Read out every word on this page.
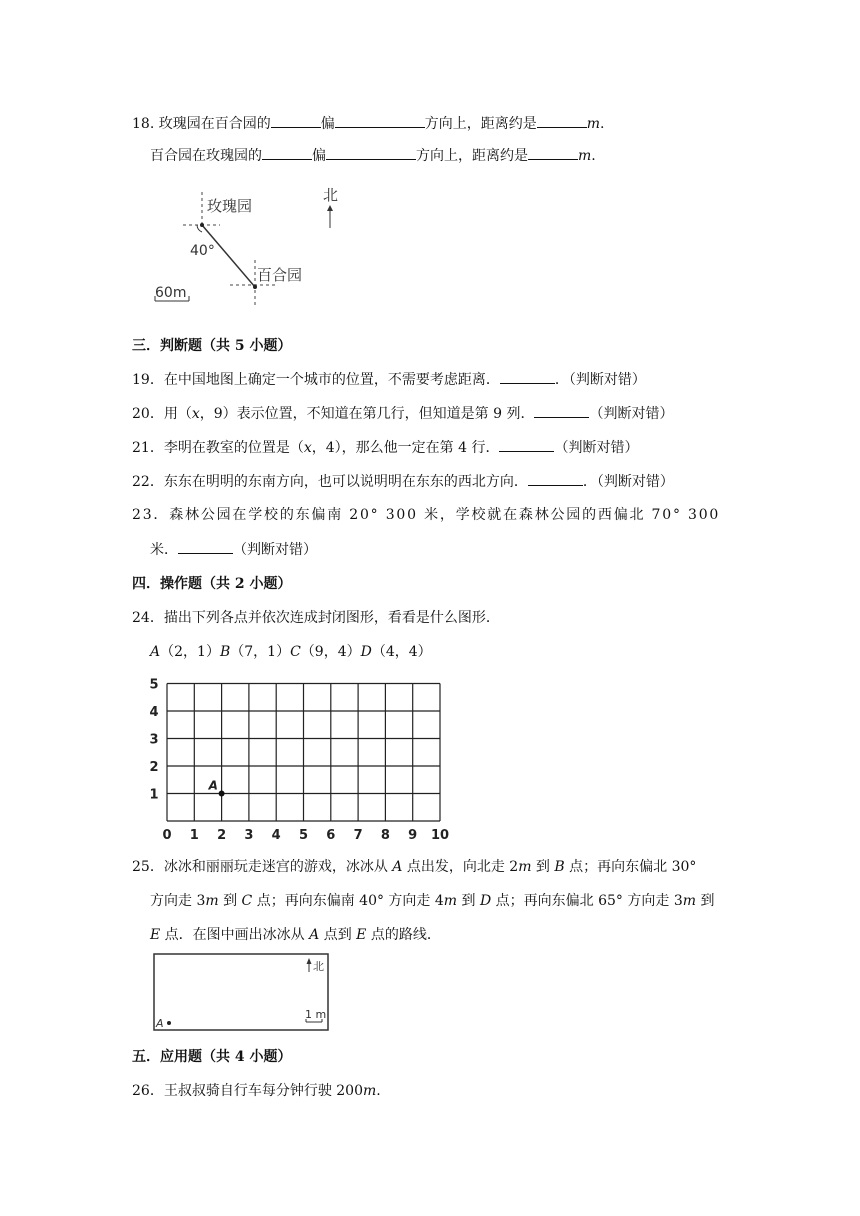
18. 玫瑰园在百合园的	偏	方向上，距离约是	m.
百合园在玫瑰园的	偏	方向上，距离约是	m.
玫瑰园
40°
百合园
北
60m
三．判断题（共 5 小题）
19．在中国地图上确定一个城市的位置，不需要考虑距离．	．（判断对错）
20．用（x，9）表示位置，不知道在第几行，但知道是第 9 列．	（判断对错）
21．李明在教室的位置是（x，4），那么他一定在第 4 行．	（判断对错）
22．东东在明明的东南方向，也可以说明明在东东的西北方向．	．（判断对错）
23．森林公园在学校的东偏南 20° 300 米，学校就在森林公园的西偏北 70° 300
米．	（判断对错）
四．操作题（共 2 小题）
24．描出下列各点并依次连成封闭图形，看看是什么图形．
A（2，1）B（7，1）C（9，4）D（4，4）
0 1 2 3 4 5 6 7 8 9 10
1
2
3
4
5
A
25．冰冰和丽丽玩走迷宫的游戏，冰冰从 A 点出发，向北走 2m 到 B 点；再向东偏北 30°
方向走 3m 到 C 点；再向东偏南 40° 方向走 4m 到 D 点；再向东偏北 65° 方向走 3m 到
E 点．在图中画出冰冰从 A 点到 E 点的路线．
北
1 m
A
五．应用题（共 4 小题）
26．王叔叔骑自行车每分钟行驶 200m.
